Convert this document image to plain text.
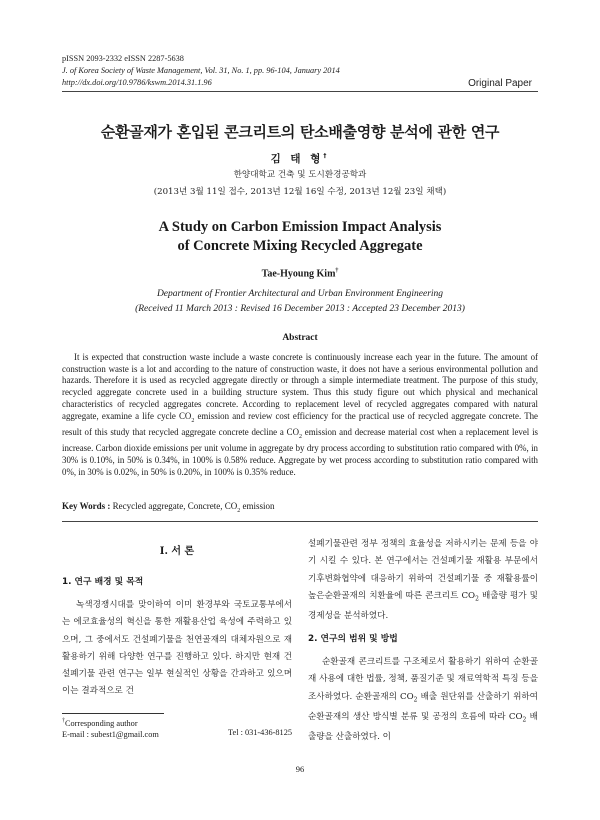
pISSN 2093-2332 eISSN 2287-5638
J. of Korea Society of Waste Management, Vol. 31, No. 1, pp. 96-104, January 2014
http://dx.doi.org/10.9786/kswm.2014.31.1.96	Original Paper
순환골재가 혼입된 콘크리트의 탄소배출영향 분석에 관한 연구
김 태 형†
한양대학교 건축 및 도시환경공학과
(2013년 3월 11일 접수, 2013년 12월 16일 수정, 2013년 12월 23일 채택)
A Study on Carbon Emission Impact Analysis
of Concrete Mixing Recycled Aggregate
Tae-Hyoung Kim†
Department of Frontier Architectural and Urban Environment Engineering
(Received 11 March 2013 : Revised 16 December 2013 : Accepted 23 December 2013)
Abstract
It is expected that construction waste include a waste concrete is continuously increase each year in the future. The amount of construction waste is a lot and according to the nature of construction waste, it does not have a serious environmental pollution and hazards. Therefore it is used as recycled aggregate directly or through a simple intermediate treatment. The purpose of this study, recycled aggregate concrete used in a building structure system. Thus this study figure out which physical and mechanical characteristics of recycled aggregates concrete. According to replacement level of recycled aggregates compared with natural aggregate, examine a life cycle $CO_2$ emission and review cost efficiency for the practical use of recycled aggregate concrete. The result of this study that recycled aggregate concrete decline a $CO_2$ emission and decrease material cost when a replacement level is increase. Carbon dioxide emissions per unit volume in aggregate by dry process according to substitution ratio compared with 0%, in 30% is 0.10%, in 50% is 0.34%, in 100% is 0.58% reduce. Aggregate by wet process according to substitution ratio compared with 0%, in 30% is 0.02%, in 50% is 0.20%, in 100% is 0.35% reduce.
Key Words : Recycled aggregate, Concrete, $CO_2$ emission
I. 서 론
1. 연구 배경 및 목적
녹색경쟁시대를 맞이하여 이미 환경부와 국토교통부에서는 에코효율성의 혁신을 통한 재활용산업 육성에 주력하고 있으며, 그 중에서도 건설폐기물을 천연골재의 대체자원으로 재활용하기 위해 다양한 연구를 진행하고 있다. 하지만 현재 건설폐기물 관련 연구는 일부 현실적인 상황을 간과하고 있으며 이는 결과적으로 건
설폐기물관련 정부 정책의 효율성을 저하시키는 문제 등을 야기 시킬 수 있다. 본 연구에서는 건설폐기물 재활용 부문에서 기후변화협약에 대응하기 위하여 건설폐기물 중 재활용률이 높은순환골재의 치환율에 따른 콘크리트 $CO_2$ 배출량 평가 및 경제성을 분석하였다.
2. 연구의 범위 및 방법
순환골재 콘크리트를 구조체로서 활용하기 위하여 순환골재 사용에 대한 법률, 정책, 품질기준 및 재료역학적 특징 등을 조사하였다. 순환골재의 $CO_2$ 배출 원단위를 산출하기 위하여 순환골재의 생산 방식별 분류 및 공정의 흐름에 따라 $CO_2$ 배출량을 산출하였다. 이
†Corresponding author
E-mail : subest1@gmail.com	Tel : 031-436-8125
96
